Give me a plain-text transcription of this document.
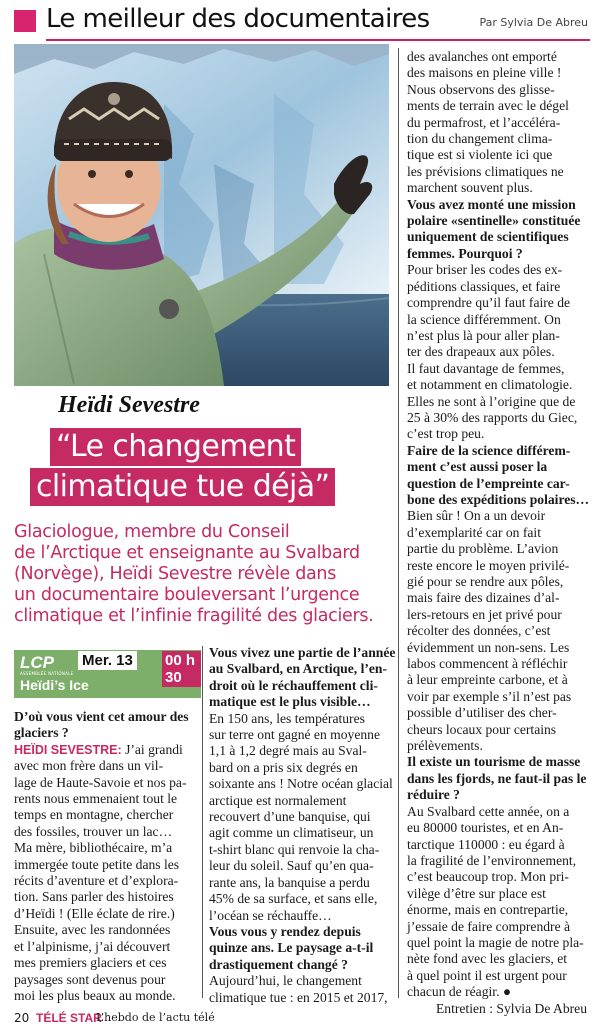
Le meilleur des documentaires	Par Sylvia De Abreu
Heïdi Sevestre
“Le changement
climatique tue déjà”
Glaciologue, membre du Conseil
de l’Arctique et enseignante au Svalbard
(Norvège), Heïdi Sevestre révèle dans
un documentaire bouleversant l’urgence
climatique et l’infinie fragilité des glaciers.
LCP
ASSEMBLÉE NATIONALE
Mer. 13 00 h 30
Heïdi’s Ice
D’où vous vient cet amour des
glaciers ?
HEÏDI SEVESTRE: J’ai grandi
avec mon frère dans un vil-
lage de Haute-Savoie et nos pa-
rents nous emmenaient tout le
temps en montagne, chercher
des fossiles, trouver un lac…
Ma mère, bibliothécaire, m’a
immergée toute petite dans les
récits d’aventure et d’explora-
tion. Sans parler des histoires
d’Heïdi ! (Elle éclate de rire.)
Ensuite, avec les randonnées
et l’alpinisme, j’ai découvert
mes premiers glaciers et ces
paysages sont devenus pour
moi les plus beaux au monde.
Vous vivez une partie de l’année
au Svalbard, en Arctique, l’en-
droit où le réchauffement cli-
matique est le plus visible…
En 150 ans, les températures
sur terre ont gagné en moyenne
1,1 à 1,2 degré mais au Sval-
bard on a pris six degrés en
soixante ans ! Notre océan glacial
arctique est normalement
recouvert d’une banquise, qui
agit comme un climatiseur, un
t-shirt blanc qui renvoie la cha-
leur du soleil. Sauf qu’en qua-
rante ans, la banquise a perdu
45% de sa surface, et sans elle,
l’océan se réchauffe…
Vous vous y rendez depuis
quinze ans. Le paysage a-t-il
drastiquement changé ?
Aujourd’hui, le changement
climatique tue : en 2015 et 2017,
des avalanches ont emporté
des maisons en pleine ville !
Nous observons des glisse-
ments de terrain avec le dégel
du permafrost, et l’accéléra-
tion du changement clima-
tique est si violente ici que
les prévisions climatiques ne
marchent souvent plus.
Vous avez monté une mission
polaire «sentinelle» constituée
uniquement de scientifiques
femmes. Pourquoi ?
Pour briser les codes des ex-
péditions classiques, et faire
comprendre qu’il faut faire de
la science différemment. On
n’est plus là pour aller plan-
ter des drapeaux aux pôles.
Il faut davantage de femmes,
et notamment en climatologie.
Elles ne sont à l’origine que de
25 à 30% des rapports du Giec,
c’est trop peu.
Faire de la science différem-
ment c’est aussi poser la
question de l’empreinte car-
bone des expéditions polaires…
Bien sûr ! On a un devoir
d’exemplarité car on fait
partie du problème. L’avion
reste encore le moyen privilé-
gié pour se rendre aux pôles,
mais faire des dizaines d’al-
lers-retours en jet privé pour
récolter des données, c’est
évidemment un non-sens. Les
labos commencent à réfléchir
à leur empreinte carbone, et à
voir par exemple s’il n’est pas
possible d’utiliser des cher-
cheurs locaux pour certains
prélèvements.
Il existe un tourisme de masse
dans les fjords, ne faut-il pas le
réduire ?
Au Svalbard cette année, on a
eu 80000 touristes, et en An-
tarctique 110000 : eu égard à
la fragilité de l’environnement,
c’est beaucoup trop. Mon pri-
vilège d’être sur place est
énorme, mais en contrepartie,
j’essaie de faire comprendre à
quel point la magie de notre pla-
nète fond avec les glaciers, et
à quel point il est urgent pour
chacun de réagir. ●
Entretien : Sylvia De Abreu
20 TÉLÉ STAR
L’hebdo de l’actu télé
